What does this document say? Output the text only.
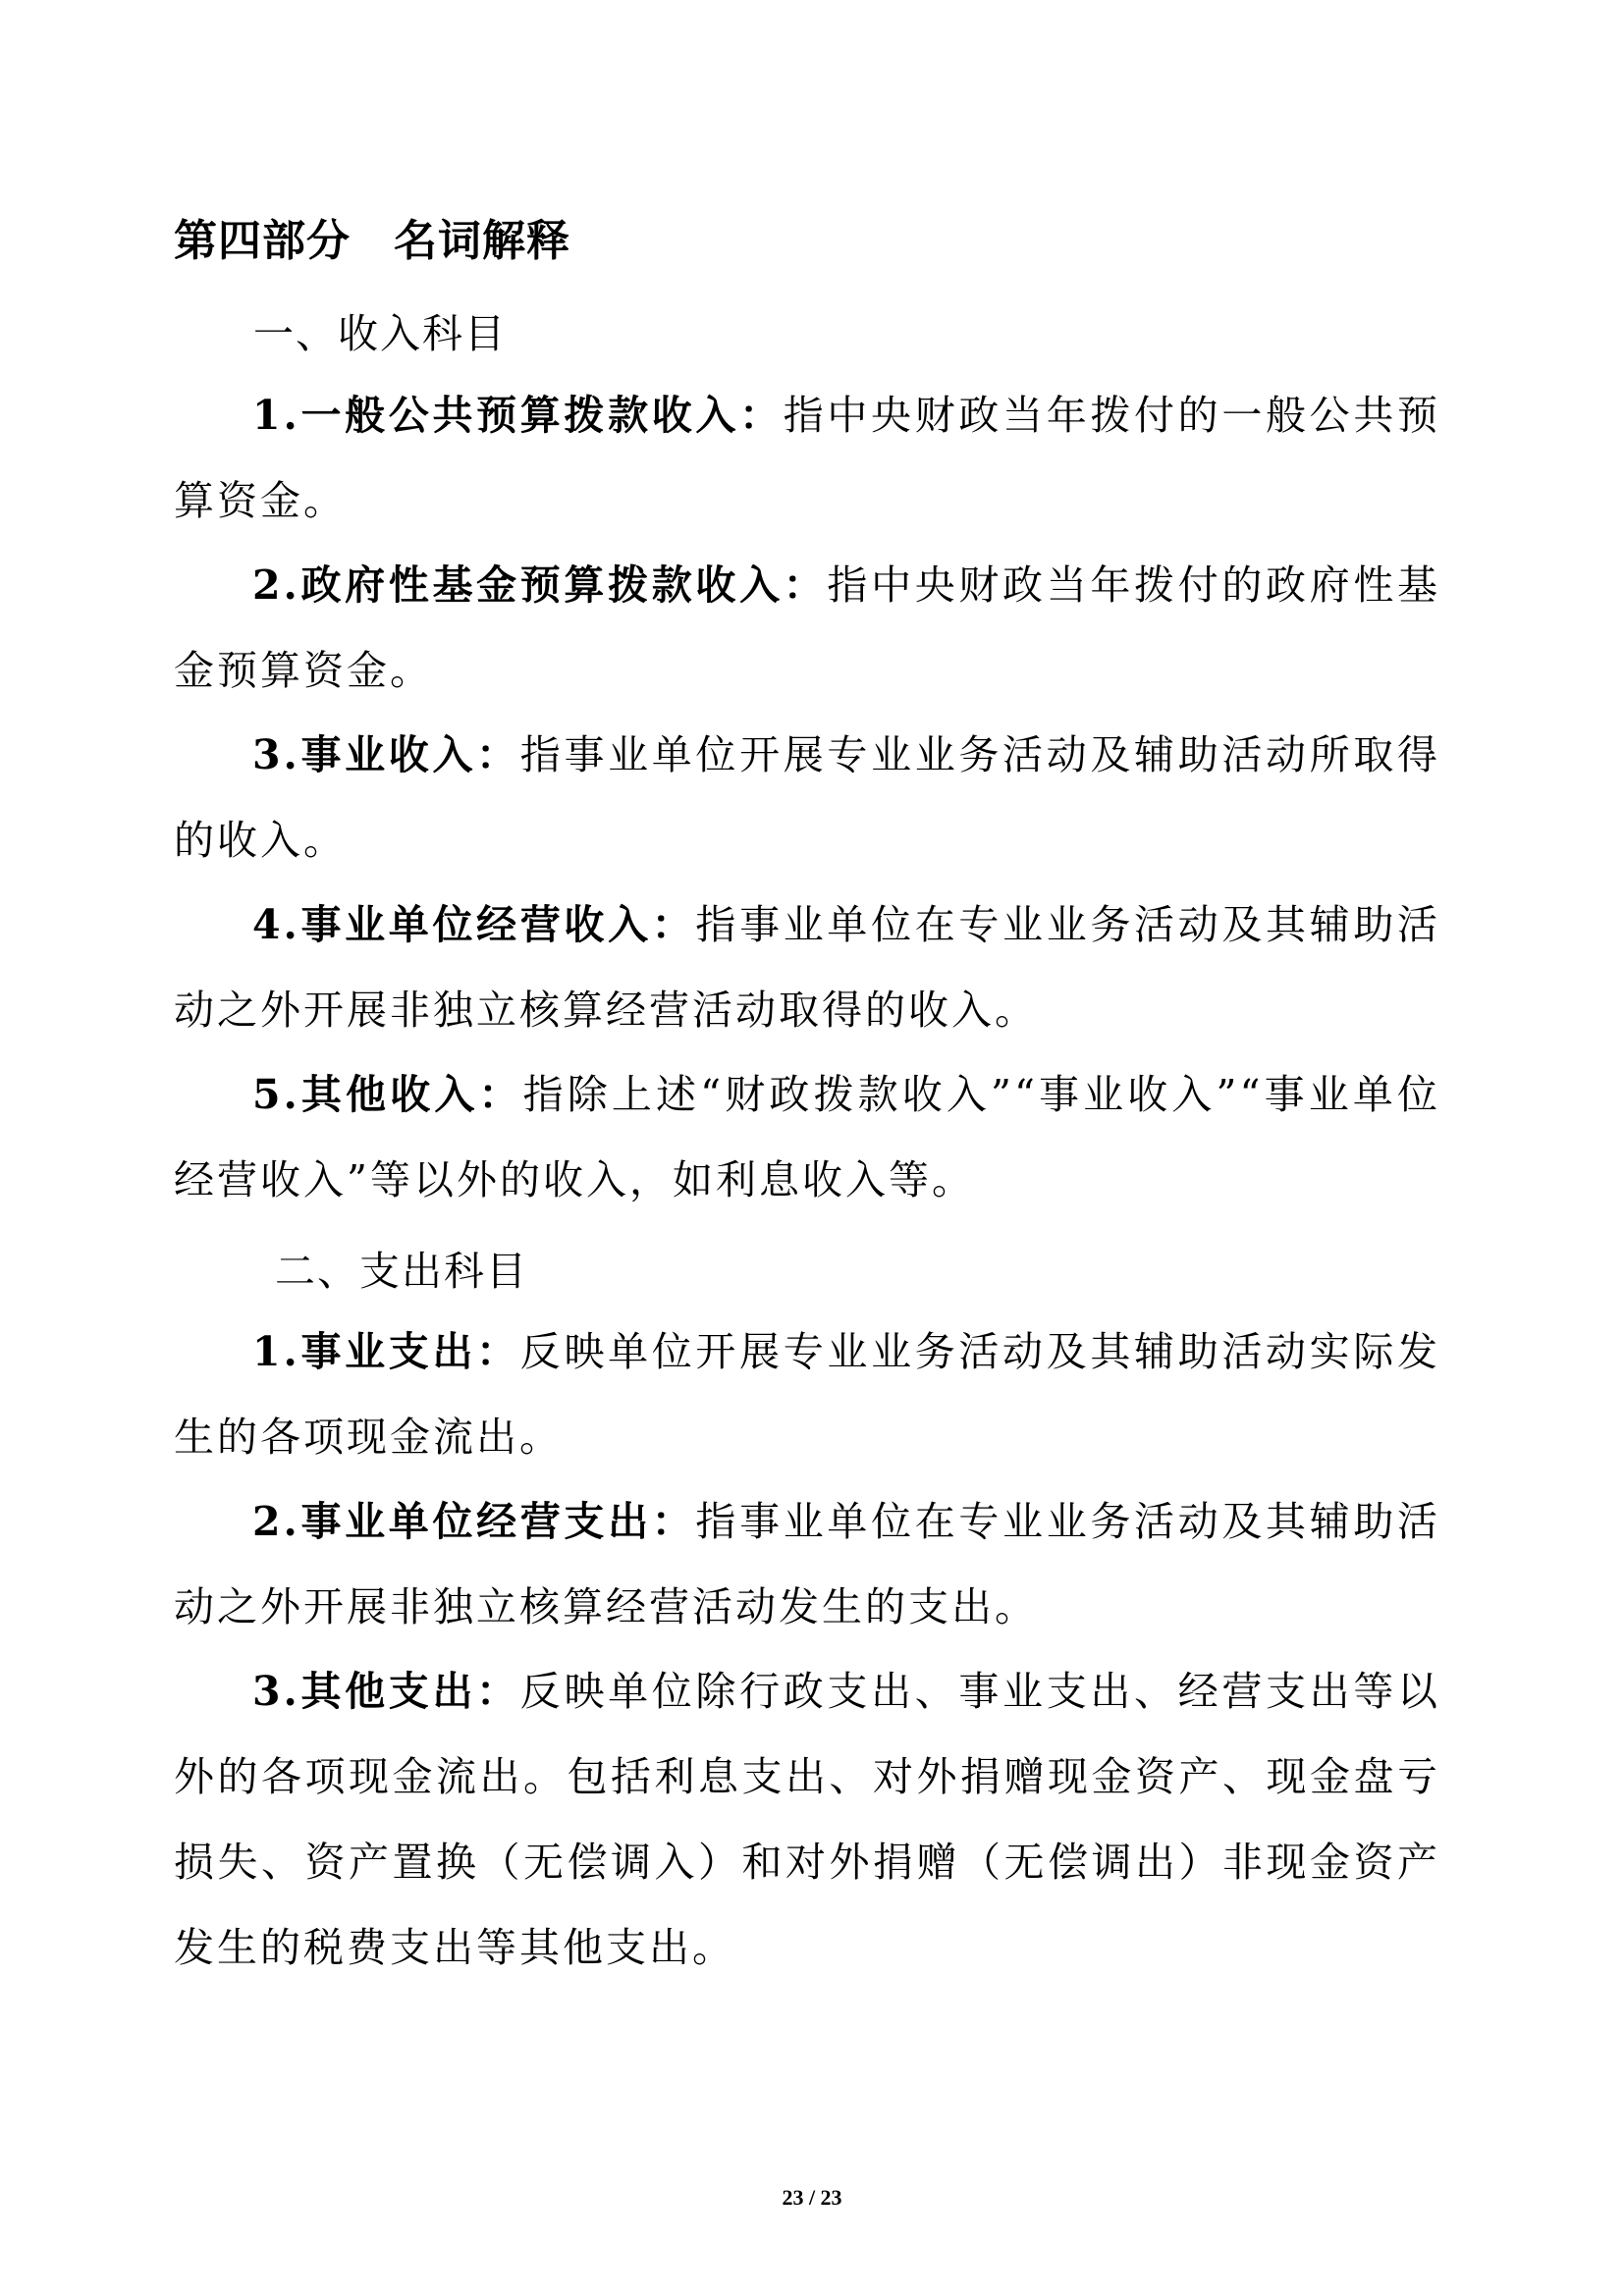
第四部分 名词解释
一、收入科目

1.一般公共预算拨款收入：指中央财政当年拨付的一般公共预算资金。

2.政府性基金预算拨款收入：指中央财政当年拨付的政府性基金预算资金。

3.事业收入：指事业单位开展专业业务活动及辅助活动所取得的收入。

4.事业单位经营收入：指事业单位在专业业务活动及其辅助活动之外开展非独立核算经营活动取得的收入。

5.其他收入：指除上述“财政拨款收入”“事业收入”“事业单位经营收入”等以外的收入，如利息收入等。

二、支出科目

1.事业支出：反映单位开展专业业务活动及其辅助活动实际发生的各项现金流出。

2.事业单位经营支出：指事业单位在专业业务活动及其辅助活动之外开展非独立核算经营活动发生的支出。

3.其他支出：反映单位除行政支出、事业支出、经营支出等以外的各项现金流出。包括利息支出、对外捐赠现金资产、现金盘亏损失、资产置换（无偿调入）和对外捐赠（无偿调出）非现金资产发生的税费支出等其他支出。

23 / 23
